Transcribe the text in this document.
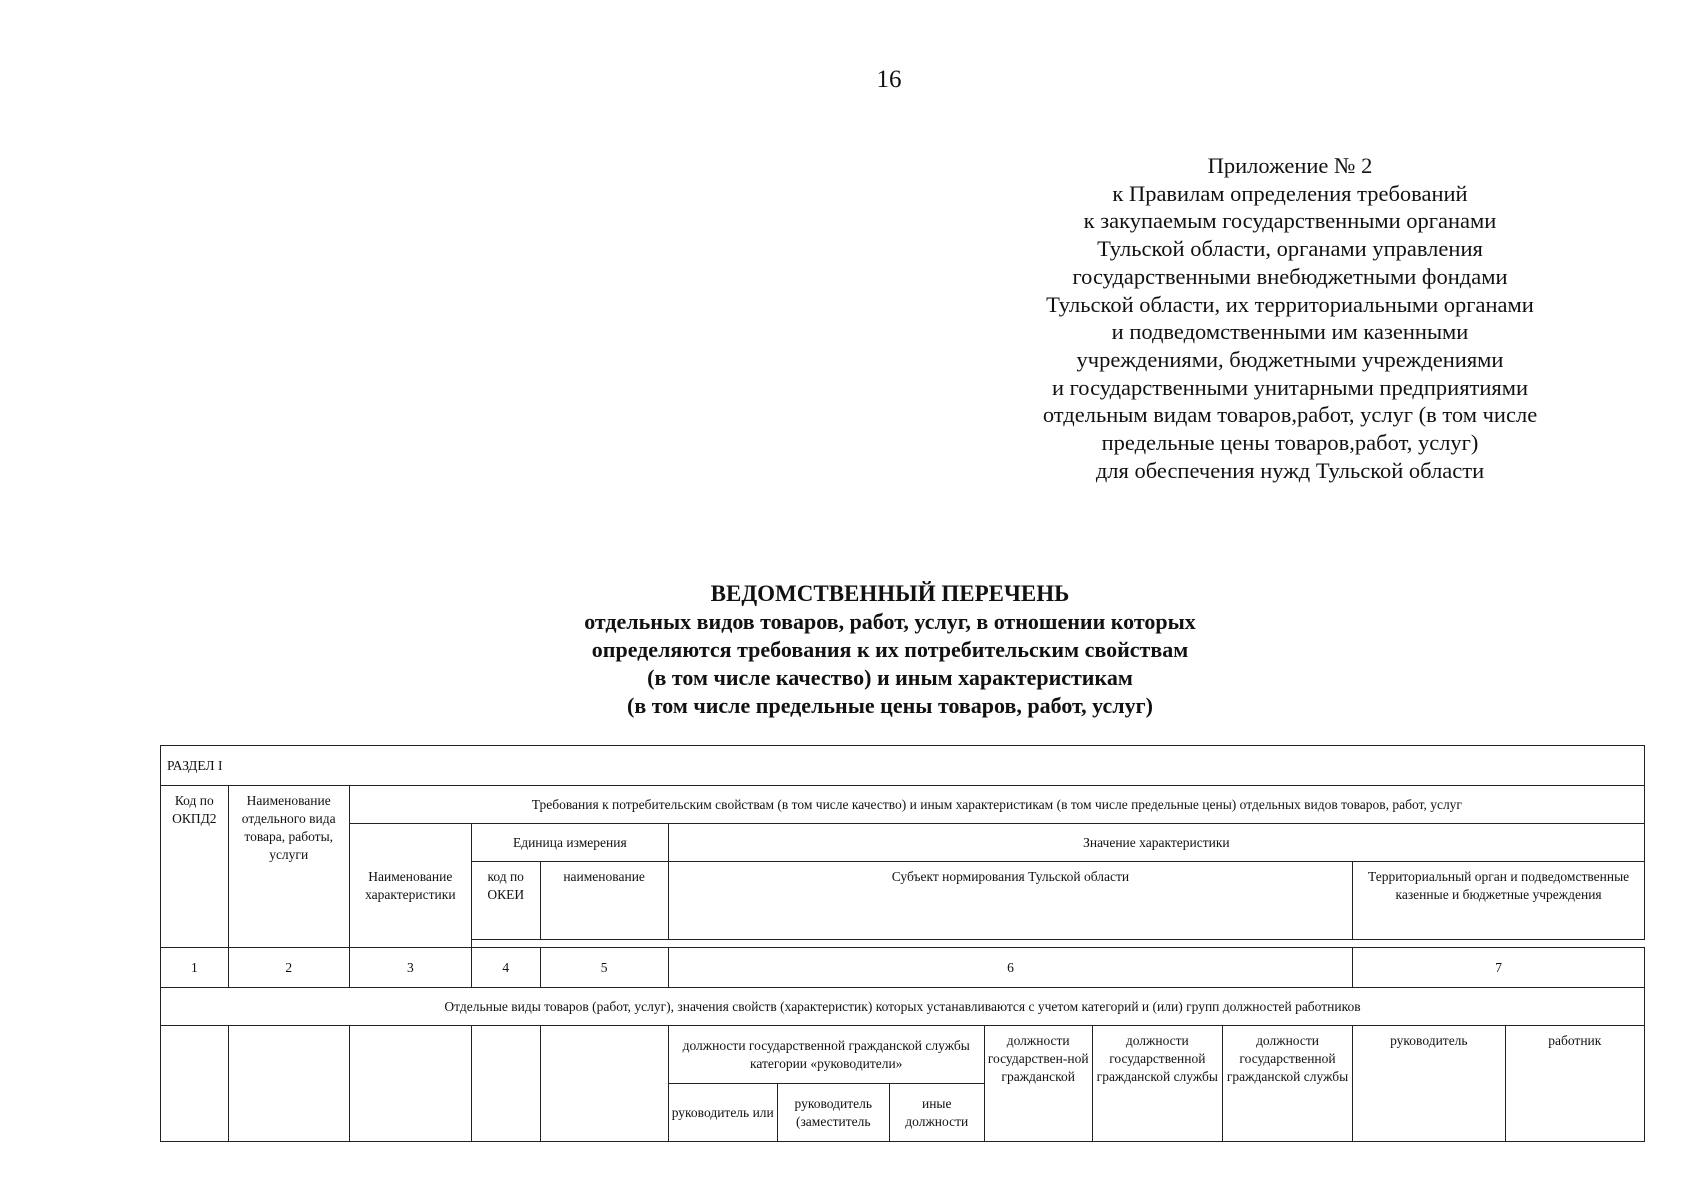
16
Приложение № 2
к Правилам определения требований
к закупаемым государственными органами
Тульской области, органами управления
государственными внебюджетными фондами
Тульской области, их территориальными органами
и подведомственными им казенными
учреждениями, бюджетными учреждениями
и государственными унитарными предприятиями
отдельным видам товаров,работ, услуг (в том числе
предельные цены товаров,работ, услуг)
для обеспечения нужд Тульской области
ВЕДОМСТВЕННЫЙ ПЕРЕЧЕНЬ
отдельных видов товаров, работ, услуг, в отношении которых
определяются требования к их потребительским свойствам
(в том числе качество) и иным характеристикам
(в том числе предельные цены товаров, работ, услуг)
РАЗДЕЛ I												
Код по ОКПД2	Наименование отдельного вида товара, работы, услуги	Требования к потребительским свойствам (в том числе качество) и иным характеристикам (в том числе предельные цены) отдельных видов товаров, работ, услуг										
		Наименование характеристики	Единица измерения		Значение характеристики							
			код по ОКЕИ	наименование	Субъект нормирования Тульской области						Территориальный орган и подведомственные казенные и бюджетные учреждения	

1	2	3	4	5	6						7	
Отдельные виды товаров (работ, услуг), значения свойств (характеристик) которых устанавливаются с учетом категорий и (или) групп должностей работников												
					должности государственной гражданской службы категории «руководители»			должности государствен-ной гражданской	должности государственной гражданской службы	должности государственной гражданской службы	руководитель	работник
					руководитель или	руководитель (заместитель	иные должности					
